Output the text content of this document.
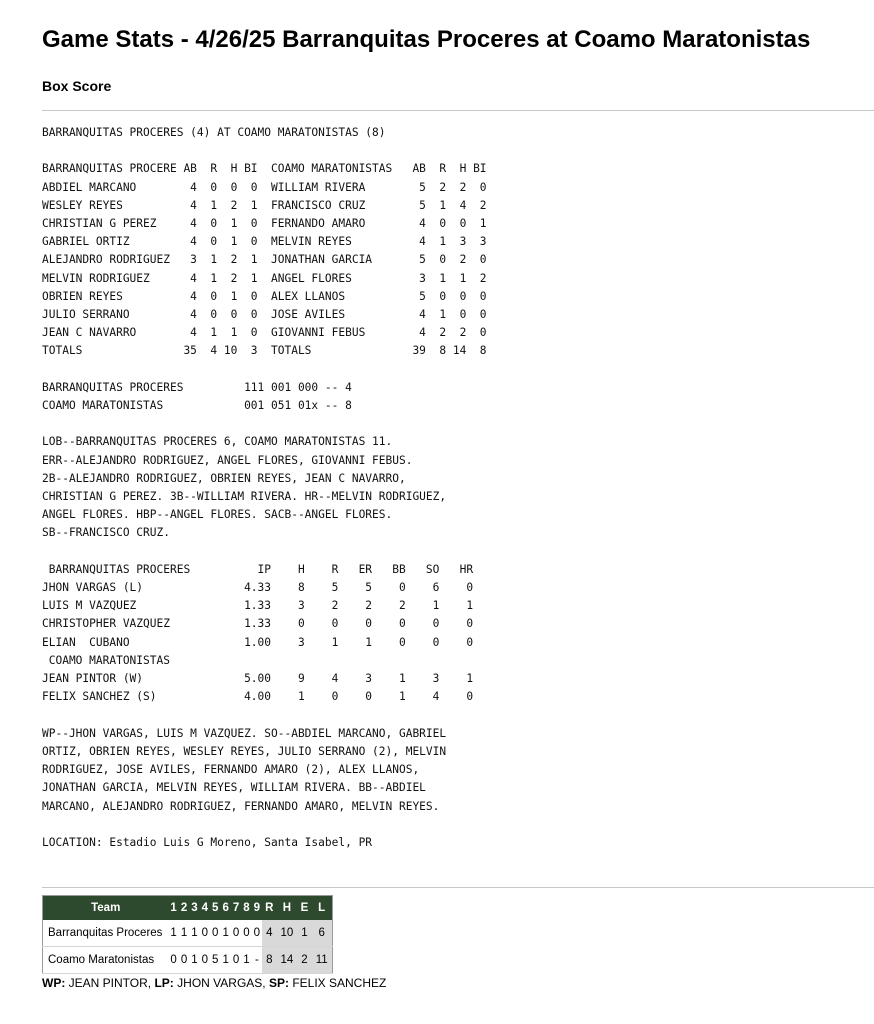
Game Stats - 4/26/25 Barranquitas Proceres at Coamo Maratonistas
Box Score
BARRANQUITAS PROCERES (4) AT COAMO MARATONISTAS (8)

BARRANQUITAS PROCERE AB  R  H BI  COAMO MARATONISTAS   AB  R  H BI
ABDIEL MARCANO        4  0  0  0  WILLIAM RIVERA        5  2  2  0
WESLEY REYES          4  1  2  1  FRANCISCO CRUZ        5  1  4  2
CHRISTIAN G PEREZ     4  0  1  0  FERNANDO AMARO        4  0  0  1
GABRIEL ORTIZ         4  0  1  0  MELVIN REYES          4  1  3  3
ALEJANDRO RODRIGUEZ   3  1  2  1  JONATHAN GARCIA       5  0  2  0
MELVIN RODRIGUEZ      4  1  2  1  ANGEL FLORES          3  1  1  2
OBRIEN REYES          4  0  1  0  ALEX LLANOS           5  0  0  0
JULIO SERRANO         4  0  0  0  JOSE AVILES           4  1  0  0
JEAN C NAVARRO        4  1  1  0  GIOVANNI FEBUS        4  2  2  0
TOTALS               35  4 10  3  TOTALS               39  8 14  8

BARRANQUITAS PROCERES         111 001 000 -- 4
COAMO MARATONISTAS            001 051 01x -- 8

LOB--BARRANQUITAS PROCERES 6, COAMO MARATONISTAS 11.
ERR--ALEJANDRO RODRIGUEZ, ANGEL FLORES, GIOVANNI FEBUS.
2B--ALEJANDRO RODRIGUEZ, OBRIEN REYES, JEAN C NAVARRO,
CHRISTIAN G PEREZ. 3B--WILLIAM RIVERA. HR--MELVIN RODRIGUEZ,
ANGEL FLORES. HBP--ANGEL FLORES. SACB--ANGEL FLORES.
SB--FRANCISCO CRUZ.

BARRANQUITAS PROCERES          IP    H    R   ER   BB   SO   HR
JHON VARGAS (L)               4.33    8    5    5    0    6    0
LUIS M VAZQUEZ                1.33    3    2    2    2    1    1
CHRISTOPHER VAZQUEZ           1.33    0    0    0    0    0    0
ELIAN  CUBANO                 1.00    3    1    1    0    0    0
COAMO MARATONISTAS
JEAN PINTOR (W)               5.00    9    4    3    1    3    1
FELIX SANCHEZ (S)             4.00    1    0    0    1    4    0

WP--JHON VARGAS, LUIS M VAZQUEZ. SO--ABDIEL MARCANO, GABRIEL
ORTIZ, OBRIEN REYES, WESLEY REYES, JULIO SERRANO (2), MELVIN
RODRIGUEZ, JOSE AVILES, FERNANDO AMARO (2), ALEX LLANOS,
JONATHAN GARCIA, MELVIN REYES, WILLIAM RIVERA. BB--ABDIEL
MARCANO, ALEJANDRO RODRIGUEZ, FERNANDO AMARO, MELVIN REYES.

LOCATION: Estadio Luis G Moreno, Santa Isabel, PR
Team	1	2	3	4	5	6	7	8	9	R	H	E	L
Barranquitas Proceres	1	1	1	0	0	1	0	0	0	4	10	1	6
Coamo Maratonistas	0	0	1	0	5	1	0	1	-	8	14	2	11
WP: JEAN PINTOR, LP: JHON VARGAS, SP: FELIX SANCHEZ
